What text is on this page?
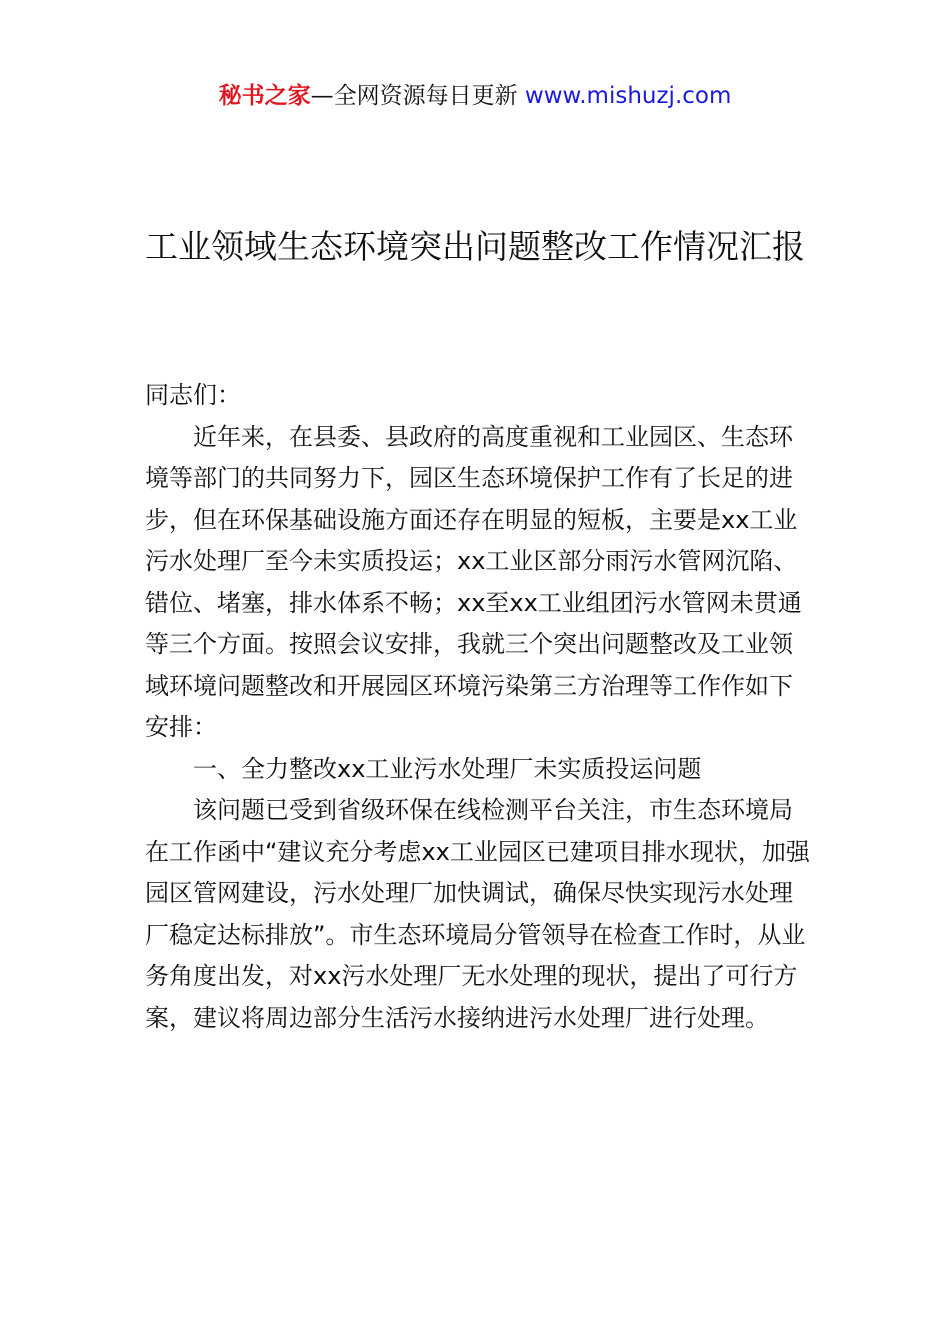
秘书之家—全网资源每日更新 www.mishuzj.com
工业领域生态环境突出问题整改工作情况汇报

同志们：

近年来，在县委、县政府的高度重视和工业园区、生态环境等部门的共同努力下，园区生态环境保护工作有了长足的进步，但在环保基础设施方面还存在明显的短板，主要是xx工业污水处理厂至今未实质投运；xx工业区部分雨污水管网沉陷、错位、堵塞，排水体系不畅；xx至xx工业组团污水管网未贯通等三个方面。按照会议安排，我就三个突出问题整改及工业领域环境问题整改和开展园区环境污染第三方治理等工作作如下安排：

一、全力整改xx工业污水处理厂未实质投运问题

该问题已受到省级环保在线检测平台关注，市生态环境局在工作函中“建议充分考虑xx工业园区已建项目排水现状，加强园区管网建设，污水处理厂加快调试，确保尽快实现污水处理厂稳定达标排放”。市生态环境局分管领导在检查工作时，从业务角度出发，对xx污水处理厂无水处理的现状，提出了可行方案，建议将周边部分生活污水接纳进污水处理厂进行处理。
